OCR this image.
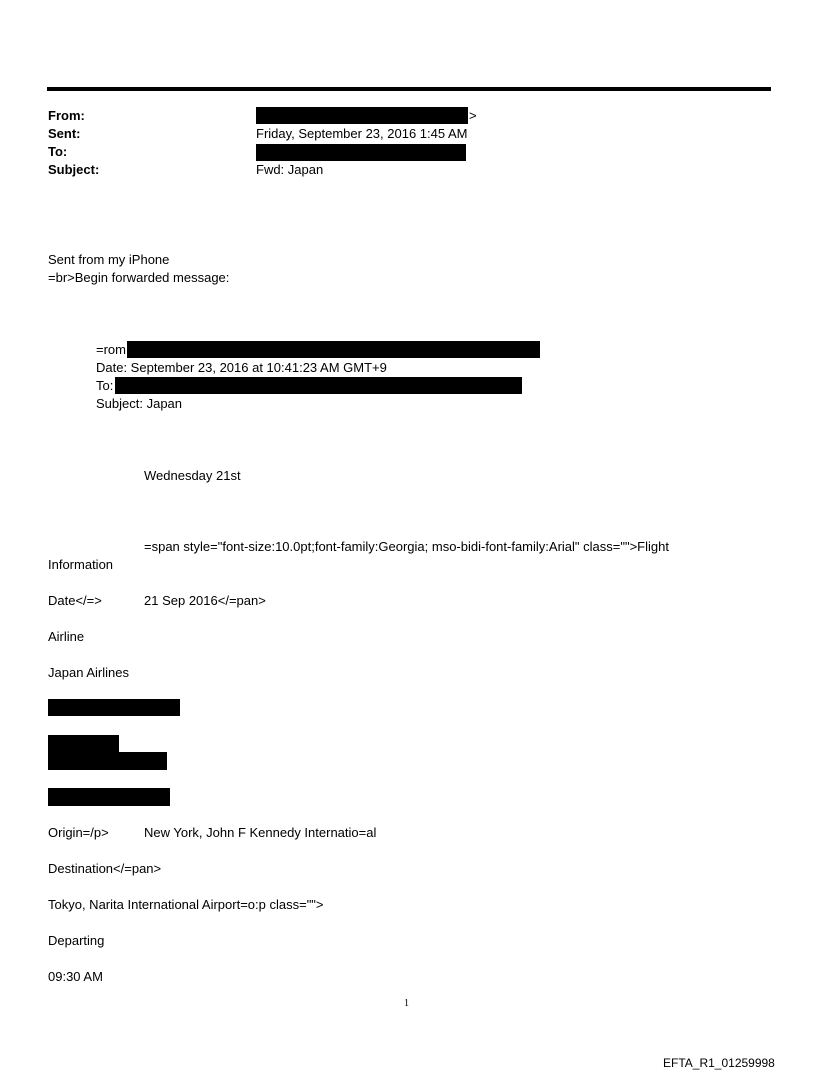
From:	>
Sent:	Friday, September 23, 2016 1:45 AM
To:
Subject:	Fwd: Japan
Sent from my iPhone
=br>Begin forwarded message:
=rom
Date: September 23, 2016 at 10:41:23 AM GMT+9
To:
Subject: Japan
Wednesday 21st
=span style="font-size:10.0pt;font-family:Georgia; mso-bidi-font-family:Arial" class="">Flight
Information
Date</=>	21 Sep 2016</=pan>
Airline
Japan Airlines
Origin=/p>	New York, John F Kennedy Internatio=al
Destination</=pan>
Tokyo, Narita International Airport=o:p class="">
Departing
09:30 AM
1
EFTA_R1_01259998
